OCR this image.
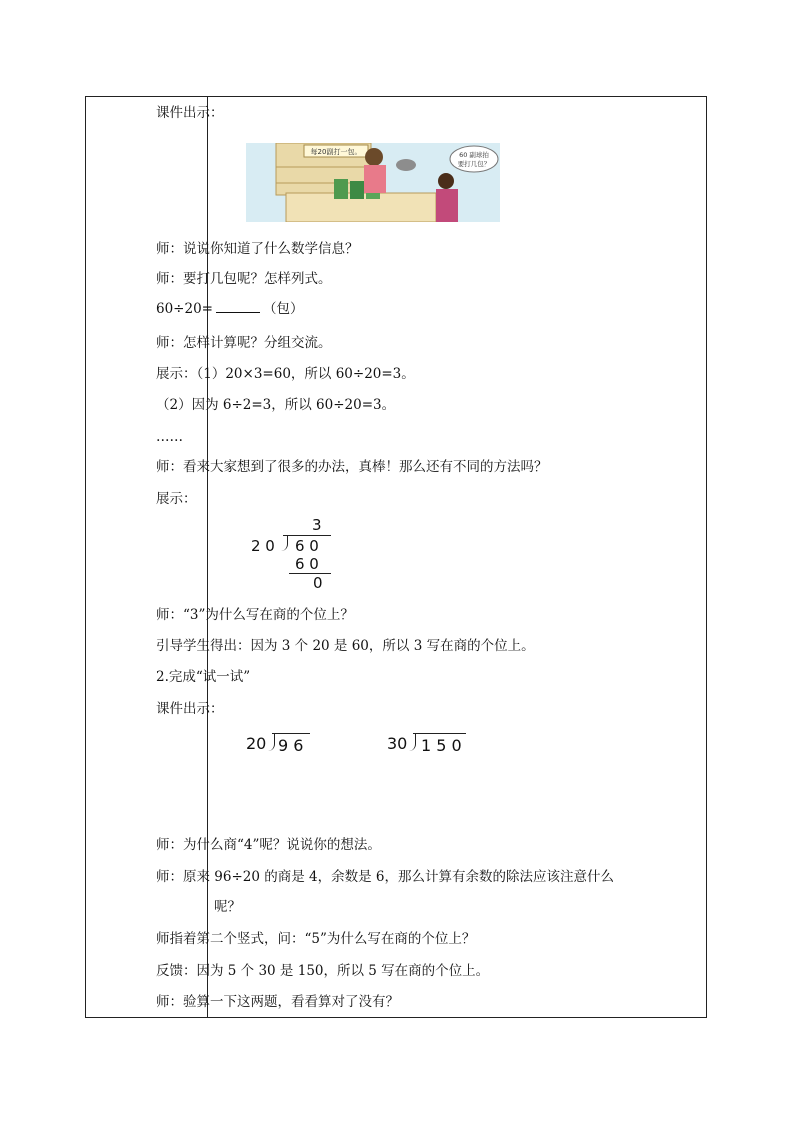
课件出示：
每20副打一包。	60 副球拍
要打几包？
师：说说你知道了什么数学信息？
师：要打几包呢？怎样列式。
60÷20=	（包）
师：怎样计算呢？分组交流。
展示：（1）20×3=60，所以 60÷20=3。
（2）因为 6÷2=3，所以 60÷20=3。
……
师：看来大家想到了很多的办法，真棒！那么还有不同的方法吗？
展示：
3
2 0 6 0
6 0
0
师：“3”为什么写在商的个位上？
引导学生得出：因为 3 个 20 是 60，所以 3 写在商的个位上。
2.完成“试一试”
课件出示：
20 9 6	30 1 5 0
师：为什么商“4”呢？说说你的想法。
师：原来 96÷20 的商是 4，余数是 6，那么计算有余数的除法应该注意什么
呢？
师指着第二个竖式，问：“5”为什么写在商的个位上？
反馈：因为 5 个 30 是 150，所以 5 写在商的个位上。
师：验算一下这两题，看看算对了没有？
